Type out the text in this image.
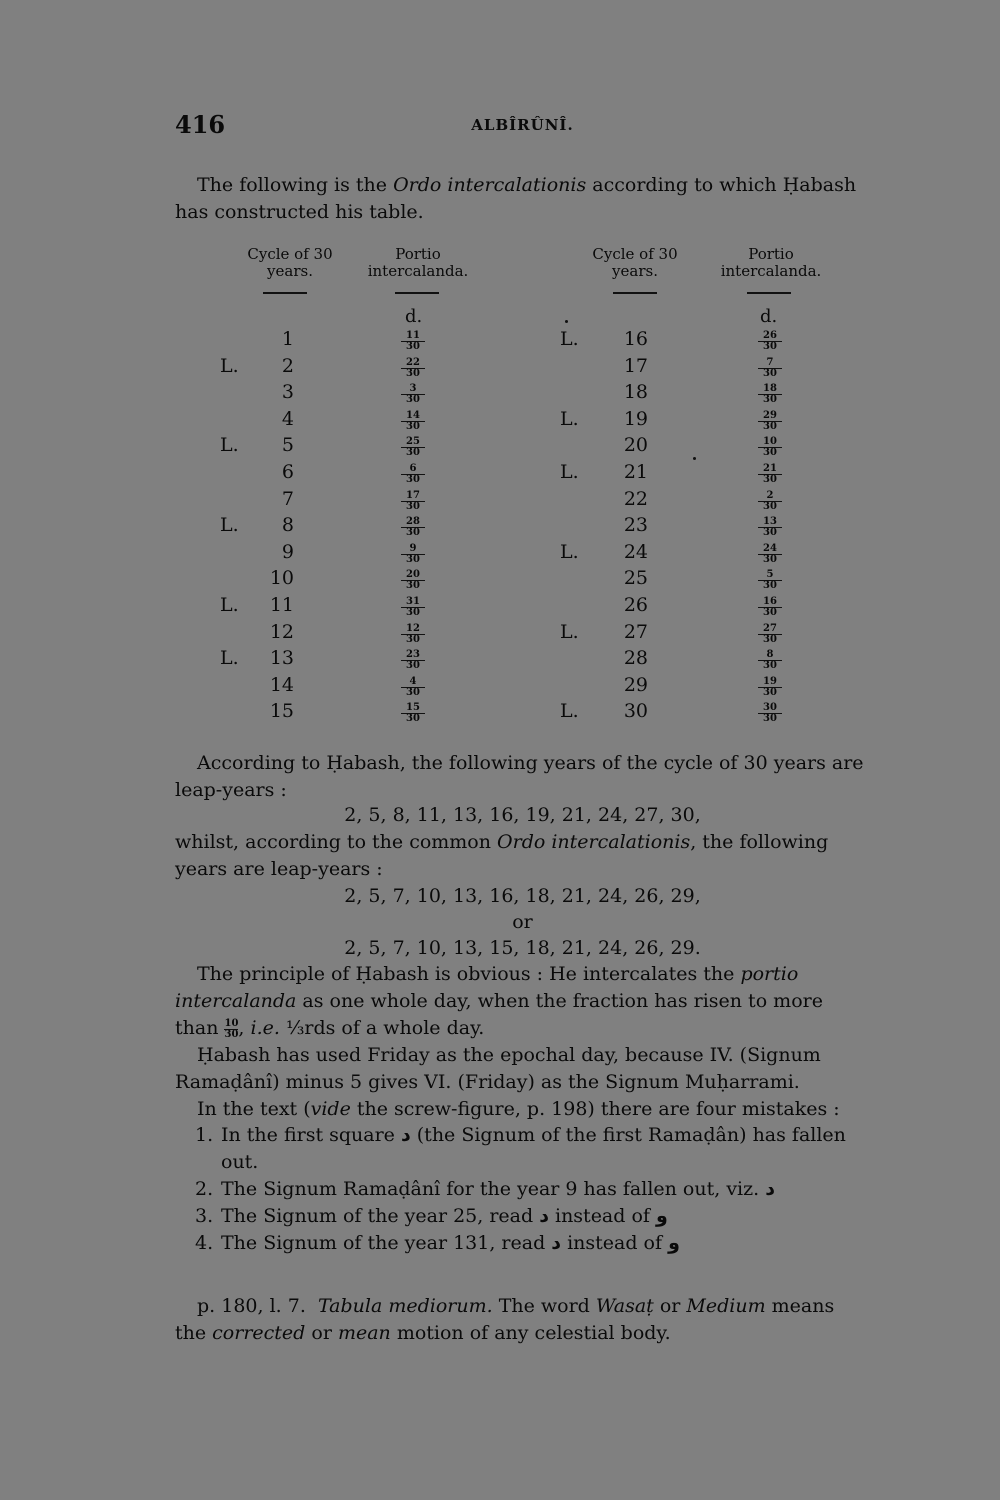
416	ALBÎRÛNÎ.
The following is the Ordo intercalationis according to which Ḥabash has constructed his table.
Cycle of 30
years.
Portio
intercalanda.
Cycle of 30
years.
Portio
intercalanda.
d.	d.
1	$\frac{11}{30}$
L.	2	$\frac{22}{30}$
3	$\frac{3}{30}$
4	$\frac{14}{30}$
L.	5	$\frac{25}{30}$
6	$\frac{6}{30}$
7	$\frac{17}{30}$
L.	8	$\frac{28}{30}$
9	$\frac{9}{30}$
10	$\frac{20}{30}$
L.	11	$\frac{31}{30}$
12	$\frac{12}{30}$
L.	13	$\frac{23}{30}$
14	$\frac{4}{30}$
15	$\frac{15}{30}$
L.	16	$\frac{26}{30}$
17	$\frac{7}{30}$
18	$\frac{18}{30}$
L.	19	$\frac{29}{30}$
20	$\frac{10}{30}$
L.	21	$\frac{21}{30}$
22	$\frac{2}{30}$
23	$\frac{13}{30}$
L.	24	$\frac{24}{30}$
25	$\frac{5}{30}$
26	$\frac{16}{30}$
L.	27	$\frac{27}{30}$
28	$\frac{8}{30}$
29	$\frac{19}{30}$
L.	30	$\frac{30}{30}$
According to Ḥabash, the following years of the cycle of 30 years are leap-years :
2, 5, 8, 11, 13, 16, 19, 21, 24, 27, 30,
whilst, according to the common Ordo intercalationis, the following years are leap-years :
2, 5, 7, 10, 13, 16, 18, 21, 24, 26, 29,
or
2, 5, 7, 10, 13, 15, 18, 21, 24, 26, 29.
The principle of Ḥabash is obvious : He intercalates the portio intercalanda as one whole day, when the fraction has risen to more than $\frac{10}{30}$ , i.e. ⅓rds of a whole day.
Ḥabash has used Friday as the epochal day, because IV. (Signum Ramaḍânî) minus 5 gives VI. (Friday) as the Signum Muḥarrami.
In the text (vide the screw-figure, p. 198) there are four mistakes :
1. In the first square د (the Signum of the first Ramaḍân) has fallen out.
2. The Signum Ramaḍânî for the year 9 has fallen out, viz. د
3. The Signum of the year 25, read د instead of و
4. The Signum of the year 131, read د instead of و
p. 180, l. 7. Tabula mediorum. The word Wasaṭ or Medium means the corrected or mean motion of any celestial body.
